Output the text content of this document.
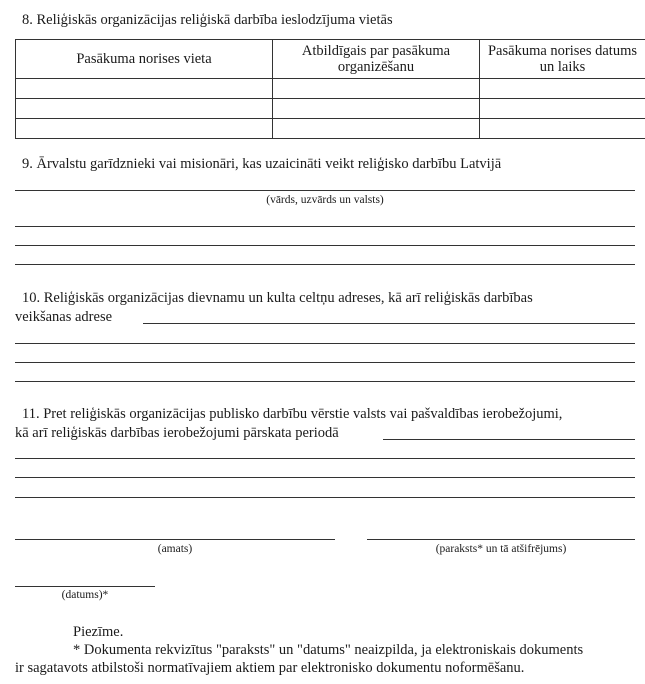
8. Reliģiskās organizācijas reliģiskā darbība ieslodzījuma vietās
Pasākuma norises vieta	Atbildīgais par pasākuma organizēšanu	Pasākuma norises datums un laiks

9. Ārvalstu garīdznieki vai misionāri, kas uzaicināti veikt reliģisko darbību Latvijā
(vārds, uzvārds un valsts)
10. Reliģiskās organizācijas dievnamu un kulta celtņu adreses, kā arī reliģiskās darbības
veikšanas adrese
11. Pret reliģiskās organizācijas publisko darbību vērstie valsts vai pašvaldības ierobežojumi,
kā arī reliģiskās darbības ierobežojumi pārskata periodā
(amats)	(paraksts* un tā atšifrējums)
(datums)*
Piezīme.
* Dokumenta rekvizītus "paraksts" un "datums" neaizpilda, ja elektroniskais dokuments
ir sagatavots atbilstoši normatīvajiem aktiem par elektronisko dokumentu noformēšanu.
